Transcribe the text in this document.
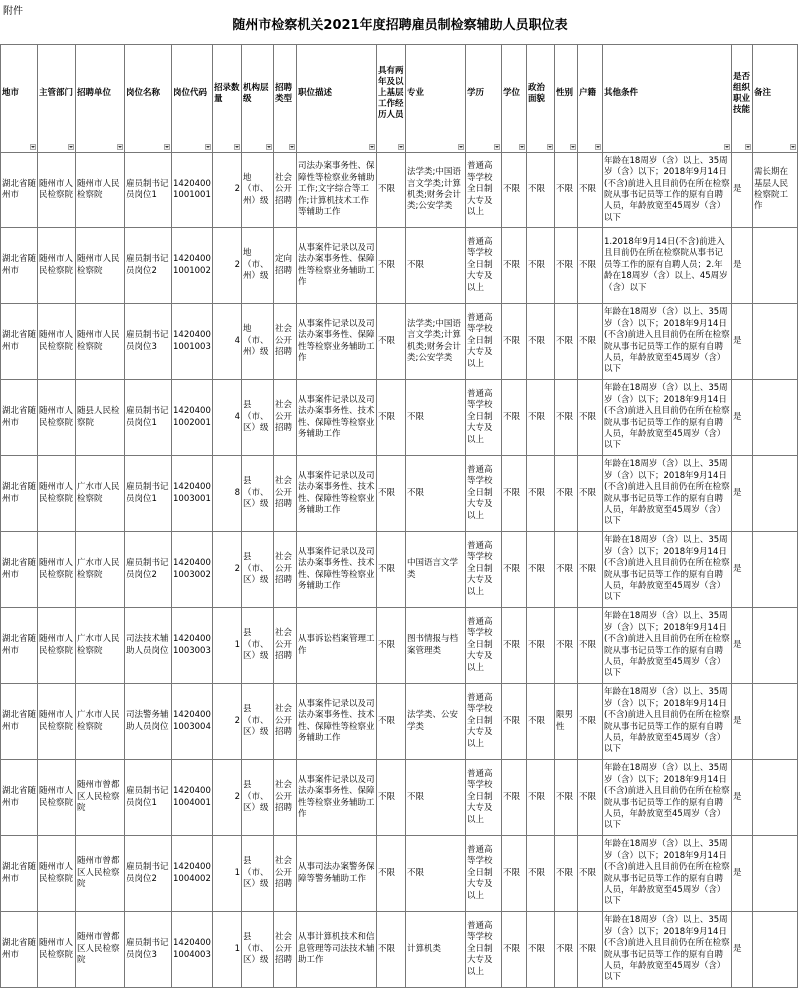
附件
随州市检察机关2021年度招聘雇员制检察辅助人员职位表
地市	主管部门	招聘单位	岗位名称	岗位代码	招录数量	机构层级	招聘类型	职位描述	具有两年及以上基层工作经历人员	专业	学历	学位	政治面貌	性别	户籍	其他条件	是否组织职业技能	备注

湖北省随州市	随州市人民检察院	随州市人民检察院	雇员制书记员岗位1	14204001001001	2	地（市、州）级	社会公开招聘	司法办案事务性、保障性等检察业务辅助工作;文字综合等工作;计算机技术工作等辅助工作	不限	法学类;中国语言文学类;计算机类;财务会计类;公安学类	普通高等学校全日制大专及以上	不限	不限	不限	不限	年龄在18周岁（含）以上、35周岁（含）以下；2018年9月14日(不含)前进入且目前仍在所在检察院从事书记员等工作的原有自聘人员，年龄放宽至45周岁（含）以下	是	需长期在基层人民检察院工作
湖北省随州市	随州市人民检察院	随州市人民检察院	雇员制书记员岗位2	14204001001002	2	地（市、州）级	定向招聘	从事案件记录以及司法办案事务性、保障性等检察业务辅助工作	不限	不限	普通高等学校全日制大专及以上	不限	不限	不限	不限	1.2018年9月14日(不含)前进入且目前仍在所在检察院从事书记员等工作的原有自聘人员；2.年龄在18周岁（含）以上、45周岁（含）以下	是	
湖北省随州市	随州市人民检察院	随州市人民检察院	雇员制书记员岗位3	14204001001003	4	地（市、州）级	社会公开招聘	从事案件记录以及司法办案事务性、保障性等检察业务辅助工作	不限	法学类;中国语言文学类;计算机类;财务会计类;公安学类	普通高等学校全日制大专及以上	不限	不限	不限	不限	年龄在18周岁（含）以上、35周岁（含）以下；2018年9月14日(不含)前进入且目前仍在所在检察院从事书记员等工作的原有自聘人员，年龄放宽至45周岁（含）以下	是	
湖北省随州市	随州市人民检察院	随县人民检察院	雇员制书记员岗位1	14204001002001	4	县（市、区）级	社会公开招聘	从事案件记录以及司法办案事务性、技术性、保障性等检察业务辅助工作	不限	不限	普通高等学校全日制大专及以上	不限	不限	不限	不限	年龄在18周岁（含）以上、35周岁（含）以下；2018年9月14日(不含)前进入且目前仍在所在检察院从事书记员等工作的原有自聘人员，年龄放宽至45周岁（含）以下	是	
湖北省随州市	随州市人民检察院	广水市人民检察院	雇员制书记员岗位1	14204001003001	8	县（市、区）级	社会公开招聘	从事案件记录以及司法办案事务性、技术性、保障性等检察业务辅助工作	不限	不限	普通高等学校全日制大专及以上	不限	不限	不限	不限	年龄在18周岁（含）以上、35周岁（含）以下；2018年9月14日(不含)前进入且目前仍在所在检察院从事书记员等工作的原有自聘人员，年龄放宽至45周岁（含）以下	是	
湖北省随州市	随州市人民检察院	广水市人民检察院	雇员制书记员岗位2	14204001003002	2	县（市、区）级	社会公开招聘	从事案件记录以及司法办案事务性、技术性、保障性等检察业务辅助工作	不限	中国语言文学类	普通高等学校全日制大专及以上	不限	不限	不限	不限	年龄在18周岁（含）以上、35周岁（含）以下；2018年9月14日(不含)前进入且目前仍在所在检察院从事书记员等工作的原有自聘人员，年龄放宽至45周岁（含）以下	是	
湖北省随州市	随州市人民检察院	广水市人民检察院	司法技术辅助人员岗位	14204001003003	1	县（市、区）级	社会公开招聘	从事诉讼档案管理工作	不限	图书情报与档案管理类	普通高等学校全日制大专及以上	不限	不限	不限	不限	年龄在18周岁（含）以上、35周岁（含）以下；2018年9月14日(不含)前进入且目前仍在所在检察院从事书记员等工作的原有自聘人员，年龄放宽至45周岁（含）以下	是	
湖北省随州市	随州市人民检察院	广水市人民检察院	司法警务辅助人员岗位	14204001003004	2	县（市、区）级	社会公开招聘	从事案件记录以及司法办案事务性、技术性、保障性等检察业务辅助工作	不限	法学类、公安学类	普通高等学校全日制大专及以上	不限	不限	限男性	不限	年龄在18周岁（含）以上、35周岁（含）以下；2018年9月14日(不含)前进入且目前仍在所在检察院从事书记员等工作的原有自聘人员，年龄放宽至45周岁（含）以下	是	
湖北省随州市	随州市人民检察院	随州市曾都区人民检察院	雇员制书记员岗位1	14204001004001	2	县（市、区）级	社会公开招聘	从事案件记录以及司法办案事务性、保障性等检察业务辅助工作	不限	不限	普通高等学校全日制大专及以上	不限	不限	不限	不限	年龄在18周岁（含）以上、35周岁（含）以下；2018年9月14日(不含)前进入且目前仍在所在检察院从事书记员等工作的原有自聘人员，年龄放宽至45周岁（含）以下	是	
湖北省随州市	随州市人民检察院	随州市曾都区人民检察院	雇员制书记员岗位2	14204001004002	1	县（市、区）级	社会公开招聘	从事司法办案警务保障等警务辅助工作	不限	不限	普通高等学校全日制大专及以上	不限	不限	不限	不限	年龄在18周岁（含）以上、35周岁（含）以下；2018年9月14日(不含)前进入且目前仍在所在检察院从事书记员等工作的原有自聘人员，年龄放宽至45周岁（含）以下	是	
湖北省随州市	随州市人民检察院	随州市曾都区人民检察院	雇员制书记员岗位3	14204001004003	1	县（市、区）级	社会公开招聘	从事计算机技术和信息管理等司法技术辅助工作	不限	计算机类	普通高等学校全日制大专及以上	不限	不限	不限	不限	年龄在18周岁（含）以上、35周岁（含）以下；2018年9月14日(不含)前进入且目前仍在所在检察院从事书记员等工作的原有自聘人员，年龄放宽至45周岁（含）以下	是	
